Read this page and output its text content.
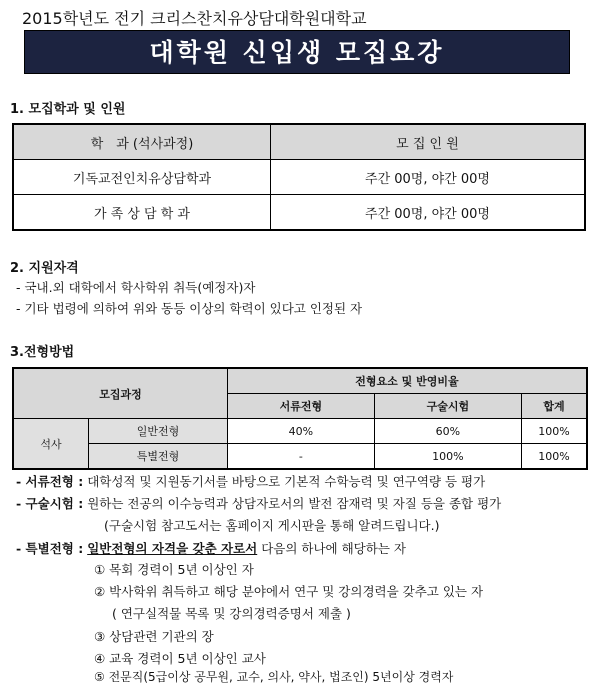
2015학년도 전기 크리스찬치유상담대학원대학교
대학원 신입생 모집요강
1. 모집학과 및 인원
학　과 (석사과정)	모 집 인 원
기독교전인치유상담학과	주간 00명, 야간 00명
가 족 상 담 학 과	주간 00명, 야간 00명
2. 지원자격
- 국내.외 대학에서 학사학위 취득(예정자)자
- 기타 법령에 의하여 위와 동등 이상의 학력이 있다고 인정된 자
3.전형방법
모집과정		전형요소 및 반영비율		
		서류전형	구술시험	합계
석사	일반전형	40%	60%	100%
	특별전형	-	100%	100%
- 서류전형 : 대학성적 및 지원동기서를 바탕으로 기본적 수학능력 및 연구역량 등 평가
- 구술시험 : 원하는 전공의 이수능력과 상담자로서의 발전 잠재력 및 자질 등을 종합 평가
(구술시험 참고도서는 홈페이지 게시판을 통해 알려드립니다.)
- 특별전형 : 일반전형의 자격을 갖춘 자로서 다음의 하나에 해당하는 자
① 목회 경력이 5년 이상인 자
② 박사학위 취득하고 해당 분야에서 연구 및 강의경력을 갖추고 있는 자
( 연구실적물 목록 및 강의경력증명서 제출 )
③ 상담관련 기관의 장
④ 교육 경력이 5년 이상인 교사
⑤ 전문직(5급이상 공무원, 교수, 의사, 약사, 법조인) 5년이상 경력자
